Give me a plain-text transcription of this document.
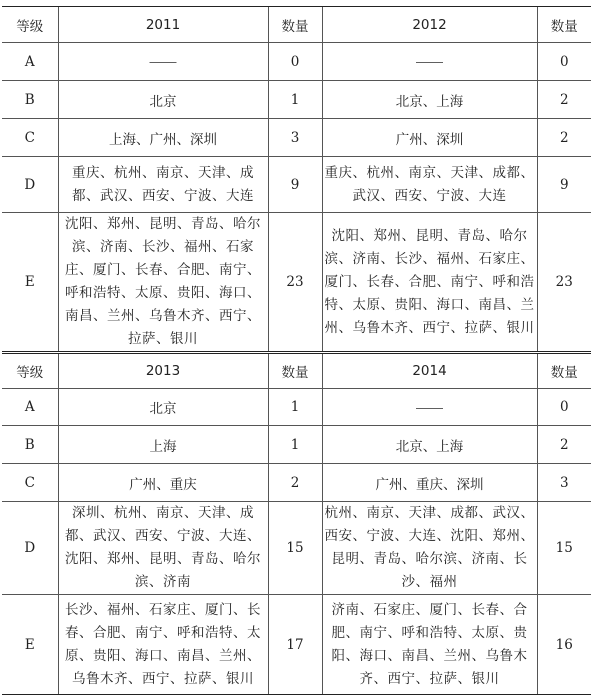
等级	2011	数量	2012	数量
A	——	0	——	0
B	北京	1	北京、上海	2
C	上海、广州、深圳	3	广州、深圳	2
D	重庆、杭州、南京、天津、成都、武汉、西安、宁波、大连	9	重庆、杭州、南京、天津、成都、武汉、西安、宁波、大连	9
E	沈阳、郑州、昆明、青岛、哈尔滨、济南、长沙、福州、石家庄、厦门、长春、合肥、南宁、呼和浩特、太原、贵阳、海口、南昌、兰州、乌鲁木齐、西宁、拉萨、银川	23	沈阳、郑州、昆明、青岛、哈尔滨、济南、长沙、福州、石家庄、厦门、长春、合肥、南宁、呼和浩特、太原、贵阳、海口、南昌、兰州、乌鲁木齐、西宁、拉萨、银川	23
等级	2013	数量	2014	数量
A	北京	1	——	0
B	上海	1	北京、上海	2
C	广州、重庆	2	广州、重庆、深圳	3
D	深圳、杭州、南京、天津、成都、武汉、西安、宁波、大连、沈阳、郑州、昆明、青岛、哈尔滨、济南	15	杭州、南京、天津、成都、武汉、西安、宁波、大连、沈阳、郑州、昆明、青岛、哈尔滨、济南、长沙、福州	15
E	长沙、福州、石家庄、厦门、长春、合肥、南宁、呼和浩特、太原、贵阳、海口、南昌、兰州、乌鲁木齐、西宁、拉萨、银川	17	济南、石家庄、厦门、长春、合肥、南宁、呼和浩特、太原、贵阳、海口、南昌、兰州、乌鲁木齐、西宁、拉萨、银川	16
